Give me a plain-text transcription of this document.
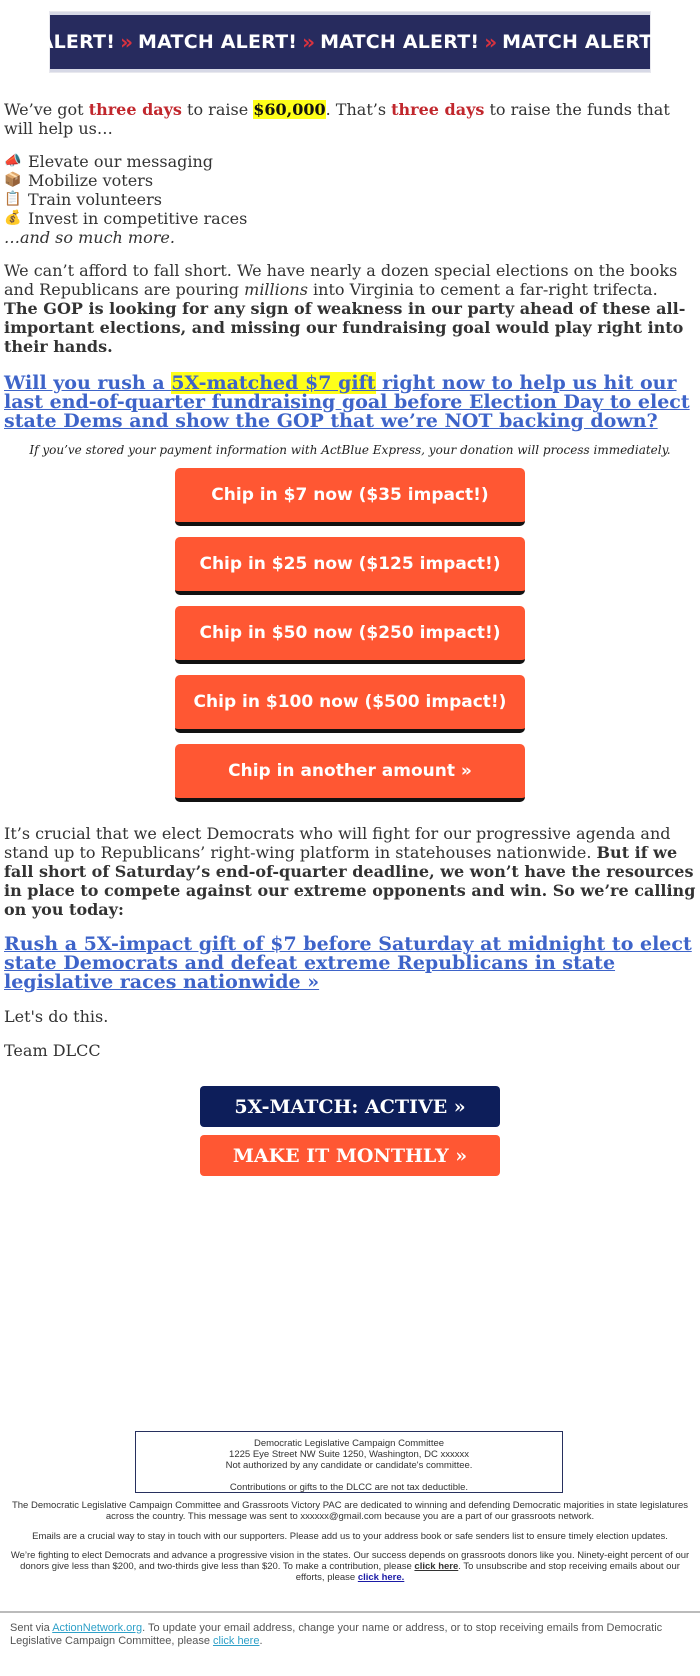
ALERT! » MATCH ALERT! » MATCH ALERT! » MATCH ALERT!

We’ve got three days to raise $60,000. That’s three days to raise the funds that will help us…

📣 Elevate our messaging
📦 Mobilize voters
📋 Train volunteers
💰 Invest in competitive races

…and so much more.

We can’t afford to fall short. We have nearly a dozen special elections on the books and Republicans are pouring millions into Virginia to cement a far-right trifecta. The GOP is looking for any sign of weakness in our party ahead of these all-important elections, and missing our fundraising goal would play right into their hands.

Will you rush a 5X-matched $7 gift right now to help us hit our last end-of-quarter fundraising goal before Election Day to elect state Dems and show the GOP that we’re NOT backing down?

If you’ve stored your payment information with ActBlue Express, your donation will process immediately.

Chip in $7 now ($35 impact!)
Chip in $25 now ($125 impact!)
Chip in $50 now ($250 impact!)
Chip in $100 now ($500 impact!)
Chip in another amount »

It’s crucial that we elect Democrats who will fight for our progressive agenda and stand up to Republicans’ right-wing platform in statehouses nationwide. But if we fall short of Saturday’s end-of-quarter deadline, we won’t have the resources in place to compete against our extreme opponents and win. So we’re calling on you today:

Rush a 5X-impact gift of $7 before Saturday at midnight to elect state Democrats and defeat extreme Republicans in state legislative races nationwide »

Let's do this.

Team DLCC

5X-MATCH: ACTIVE »
MAKE IT MONTHLY »
Democratic Legislative Campaign Committee
1225 Eye Street NW Suite 1250, Washington, DC xxxxxx
Not authorized by any candidate or candidate's committee.
Contributions or gifts to the DLCC are not tax deductible.

The Democratic Legislative Campaign Committee and Grassroots Victory PAC are dedicated to winning and defending Democratic majorities in state legislatures across the country. This message was sent to xxxxxx@gmail.com because you are a part of our grassroots network.

Emails are a crucial way to stay in touch with our supporters. Please add us to your address book or safe senders list to ensure timely election updates.

We’re fighting to elect Democrats and advance a progressive vision in the states. Our success depends on grassroots donors like you. Ninety-eight percent of our donors give less than $200, and two-thirds give less than $20. To make a contribution, please click here. To unsubscribe and stop receiving emails about our efforts, please click here.

Sent via ActionNetwork.org. To update your email address, change your name or address, or to stop receiving emails from Democratic Legislative Campaign Committee, please click here.
